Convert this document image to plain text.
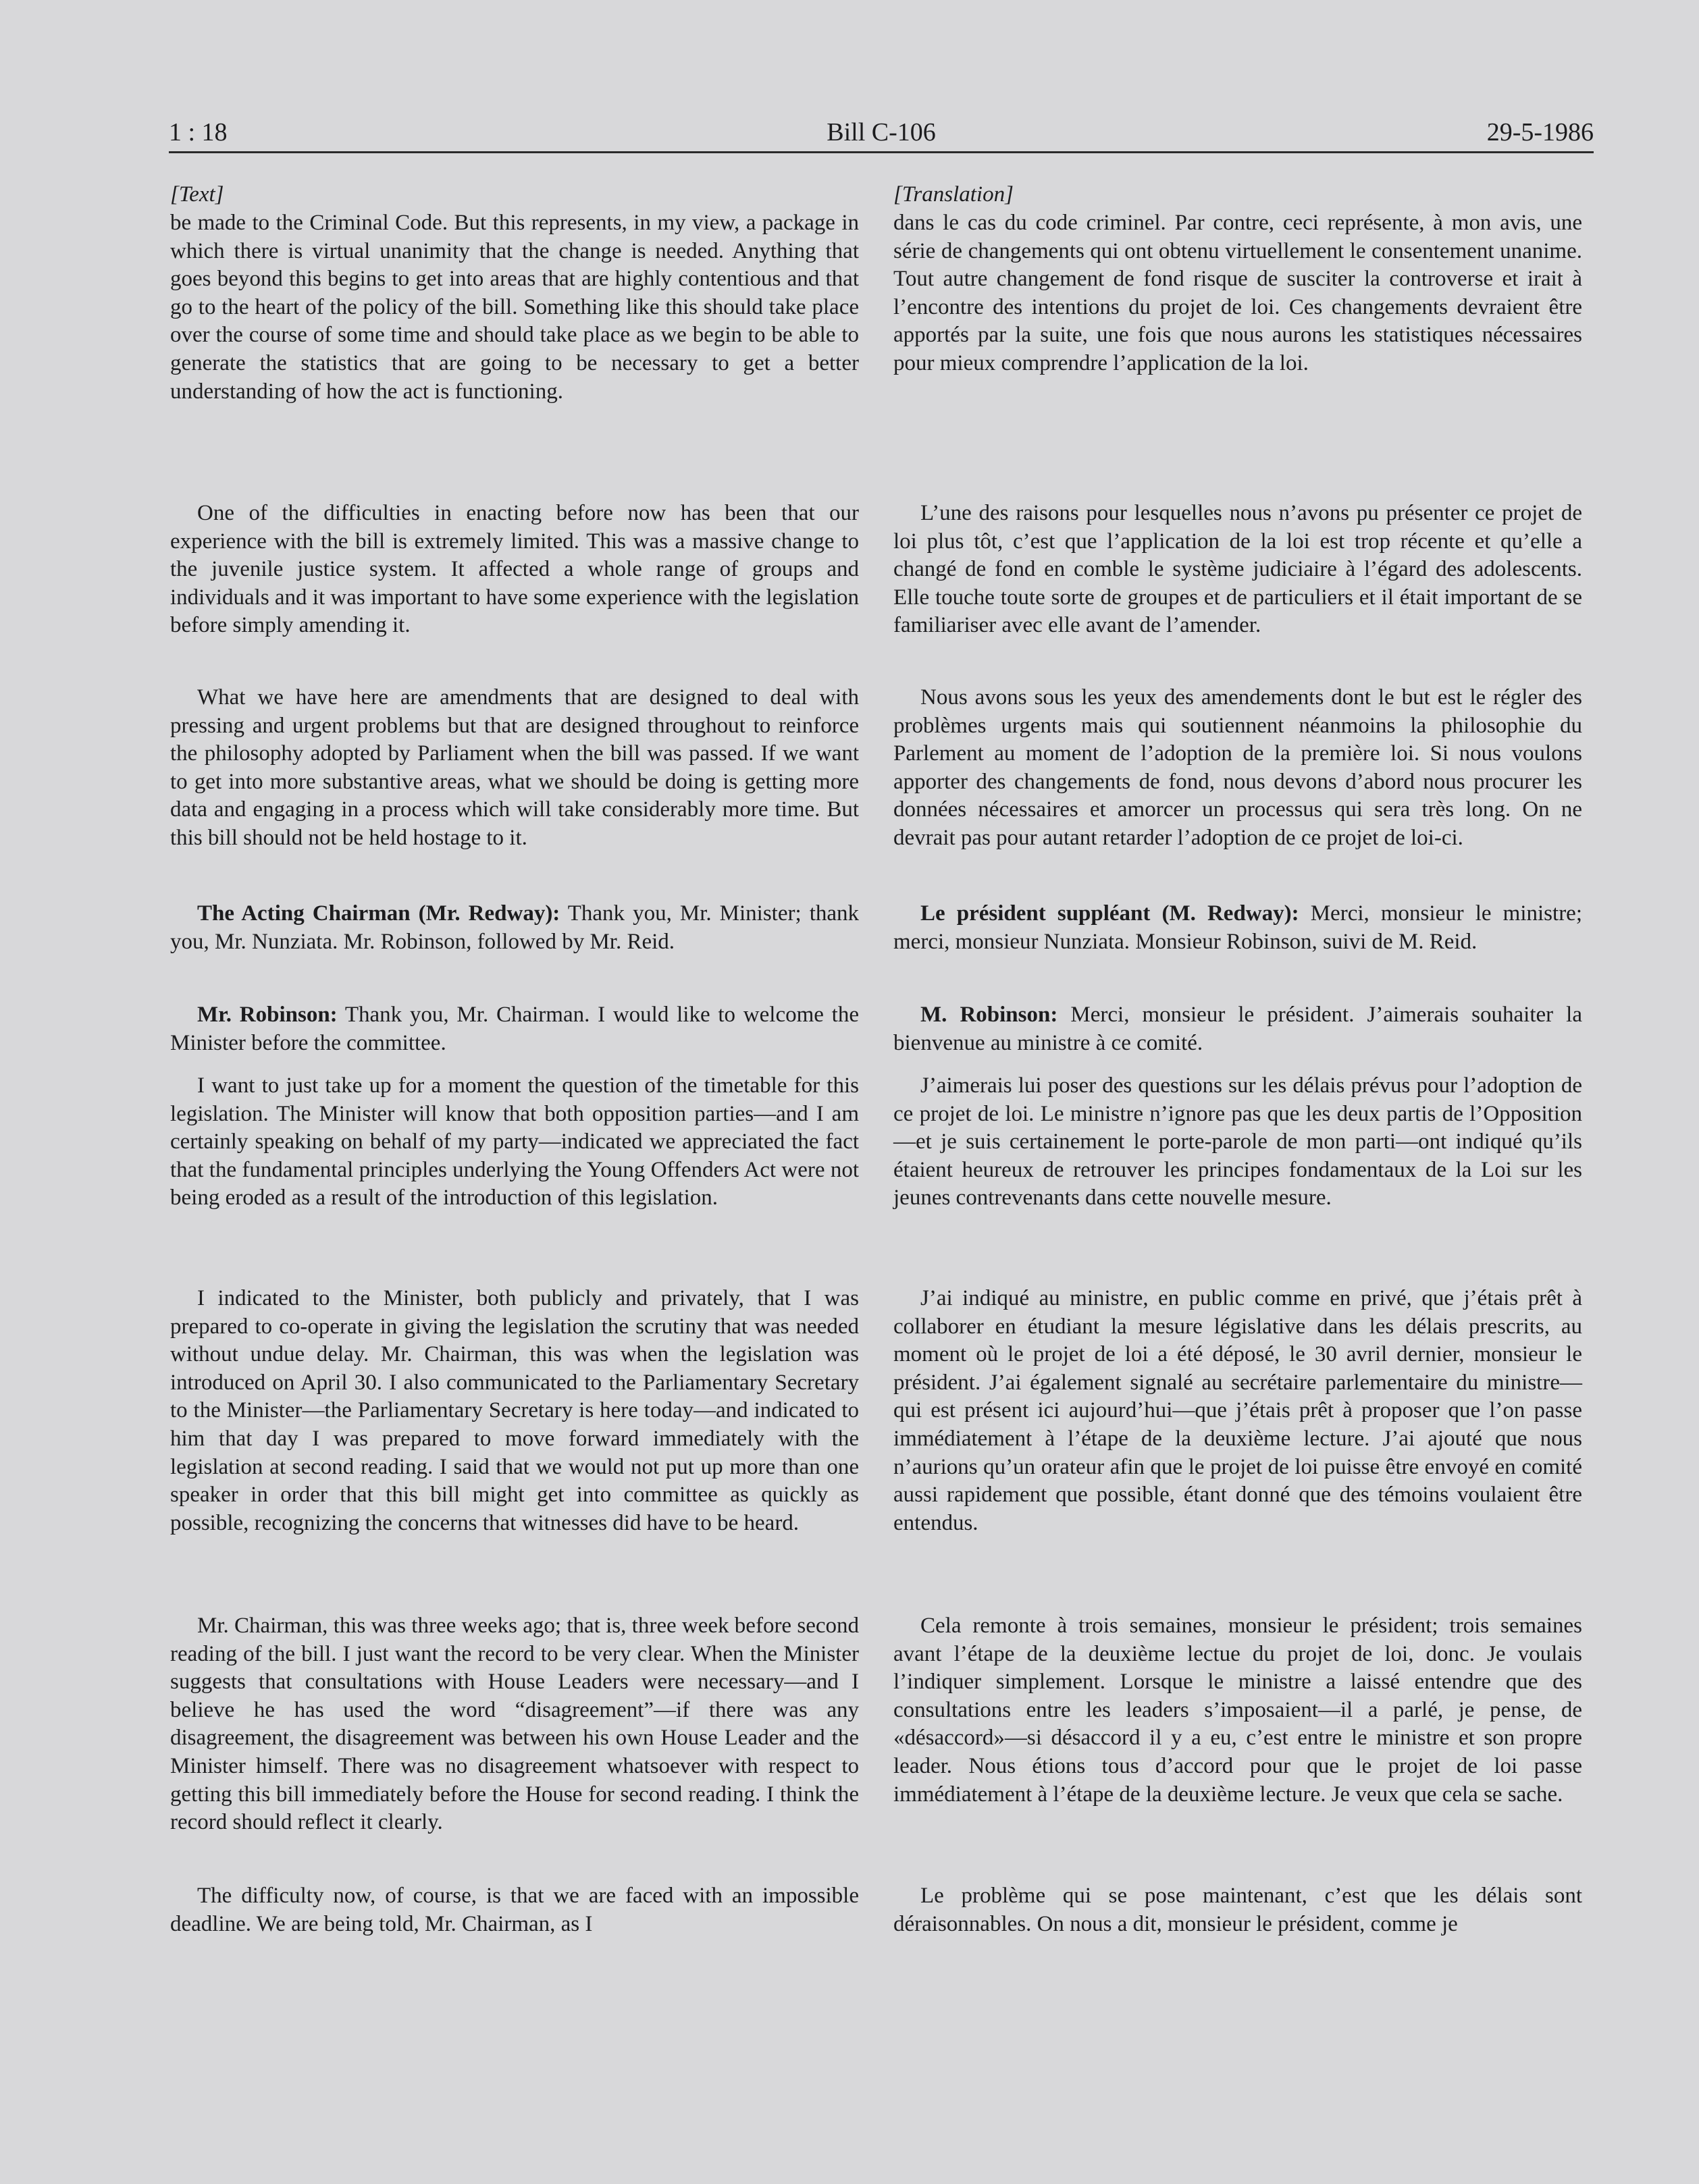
1 : 18	Bill C-106	29-5-1986
[Text]

be made to the Criminal Code. But this represents, in my view, a package in which there is virtual unanimity that the change is needed. Anything that goes beyond this begins to get into areas that are highly contentious and that go to the heart of the policy of the bill. Something like this should take place over the course of some time and should take place as we begin to be able to generate the statistics that are going to be necessary to get a better understanding of how the act is functioning.

One of the difficulties in enacting before now has been that our experience with the bill is extremely limited. This was a massive change to the juvenile justice system. It affected a whole range of groups and individuals and it was important to have some experience with the legislation before simply amending it.

What we have here are amendments that are designed to deal with pressing and urgent problems but that are designed throughout to reinforce the philosophy adopted by Parliament when the bill was passed. If we want to get into more substantive areas, what we should be doing is getting more data and engaging in a process which will take considerably more time. But this bill should not be held hostage to it.

The Acting Chairman (Mr. Redway): Thank you, Mr. Minister; thank you, Mr. Nunziata. Mr. Robinson, followed by Mr. Reid.

Mr. Robinson: Thank you, Mr. Chairman. I would like to welcome the Minister before the committee.

I want to just take up for a moment the question of the timetable for this legislation. The Minister will know that both opposition parties—and I am certainly speaking on behalf of my party—indicated we appreciated the fact that the fundamental principles underlying the Young Offenders Act were not being eroded as a result of the introduction of this legislation.

I indicated to the Minister, both publicly and privately, that I was prepared to co-operate in giving the legislation the scrutiny that was needed without undue delay. Mr. Chairman, this was when the legislation was introduced on April 30. I also communicated to the Parliamentary Secretary to the Minister—the Parliamentary Secretary is here today—and indicated to him that day I was prepared to move forward immediately with the legislation at second reading. I said that we would not put up more than one speaker in order that this bill might get into committee as quickly as possible, recognizing the concerns that witnesses did have to be heard.

Mr. Chairman, this was three weeks ago; that is, three week before second reading of the bill. I just want the record to be very clear. When the Minister suggests that consultations with House Leaders were necessary—and I believe he has used the word “disagreement”—if there was any disagreement, the disagreement was between his own House Leader and the Minister himself. There was no disagreement whatsoever with respect to getting this bill immediately before the House for second reading. I think the record should reflect it clearly.

The difficulty now, of course, is that we are faced with an impossible deadline. We are being told, Mr. Chairman, as I

[Translation]

dans le cas du code criminel. Par contre, ceci représente, à mon avis, une série de changements qui ont obtenu virtuellement le consentement unanime. Tout autre changement de fond risque de susciter la controverse et irait à l’encontre des intentions du projet de loi. Ces changements devraient être apportés par la suite, une fois que nous aurons les statistiques nécessaires pour mieux comprendre l’application de la loi.

L’une des raisons pour lesquelles nous n’avons pu présenter ce projet de loi plus tôt, c’est que l’application de la loi est trop récente et qu’elle a changé de fond en comble le système judiciaire à l’égard des adolescents. Elle touche toute sorte de groupes et de particuliers et il était important de se familiariser avec elle avant de l’amender.

Nous avons sous les yeux des amendements dont le but est le régler des problèmes urgents mais qui soutiennent néanmoins la philosophie du Parlement au moment de l’adoption de la première loi. Si nous voulons apporter des changements de fond, nous devons d’abord nous procurer les données nécessaires et amorcer un processus qui sera très long. On ne devrait pas pour autant retarder l’adoption de ce projet de loi-ci.

Le président suppléant (M. Redway): Merci, monsieur le ministre; merci, monsieur Nunziata. Monsieur Robinson, suivi de M. Reid.

M. Robinson: Merci, monsieur le président. J’aimerais souhaiter la bienvenue au ministre à ce comité.

J’aimerais lui poser des questions sur les délais prévus pour l’adoption de ce projet de loi. Le ministre n’ignore pas que les deux partis de l’Opposition—et je suis certainement le porte-parole de mon parti—ont indiqué qu’ils étaient heureux de retrouver les principes fondamentaux de la Loi sur les jeunes contrevenants dans cette nouvelle mesure.

J’ai indiqué au ministre, en public comme en privé, que j’étais prêt à collaborer en étudiant la mesure législative dans les délais prescrits, au moment où le projet de loi a été déposé, le 30 avril dernier, monsieur le président. J’ai également signalé au secrétaire parlementaire du ministre—qui est présent ici aujourd’hui—que j’étais prêt à proposer que l’on passe immédiatement à l’étape de la deuxième lecture. J’ai ajouté que nous n’aurions qu’un orateur afin que le projet de loi puisse être envoyé en comité aussi rapidement que possible, étant donné que des témoins voulaient être entendus.

Cela remonte à trois semaines, monsieur le président; trois semaines avant l’étape de la deuxième lectue du projet de loi, donc. Je voulais l’indiquer simplement. Lorsque le ministre a laissé entendre que des consultations entre les leaders s’imposaient—il a parlé, je pense, de «désaccord»—si désaccord il y a eu, c’est entre le ministre et son propre leader. Nous étions tous d’accord pour que le projet de loi passe immédiatement à l’étape de la deuxième lecture. Je veux que cela se sache.

Le problème qui se pose maintenant, c’est que les délais sont déraisonnables. On nous a dit, monsieur le président, comme je
